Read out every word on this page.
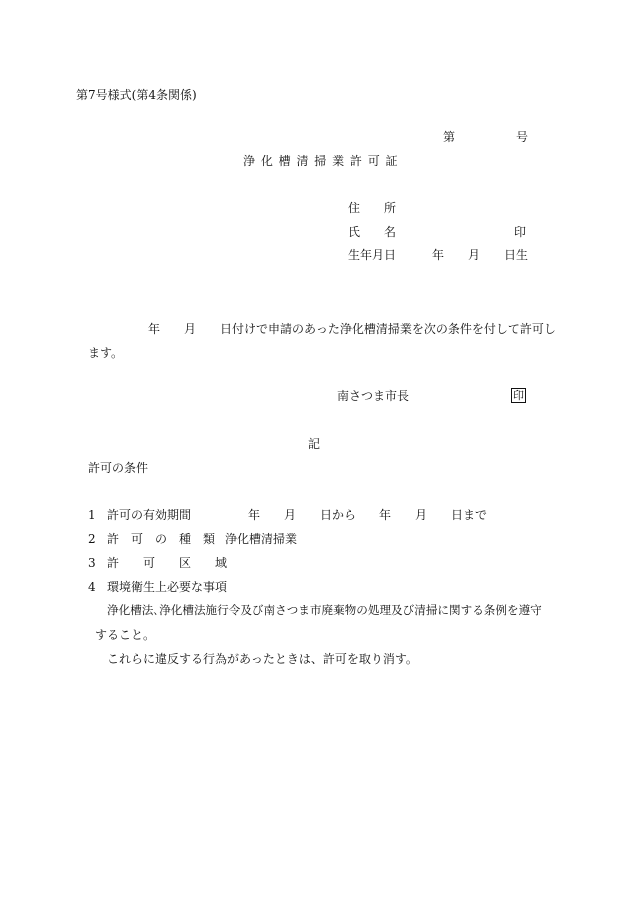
第7号様式(第4条関係)
第	号
浄 化 槽 清 掃 業 許 可 証
住　　所
氏　　名	印
生年月日	年 月 日生
年 月 日付けで申請のあった浄化槽清掃業を次の条件を付して許可し
ます。
南さつま市長	印
記
許可の条件
1 許可の有効期間	年 月 日から 年 月 日まで
2 許　可　の　種　類 浄化槽清掃業
3 許　　可　　区　　域
4 環境衛生上必要な事項
浄化槽法､浄化槽法施行令及び南さつま市廃棄物の処理及び清掃に関する条例を遵守
すること。
これらに違反する行為があったときは、許可を取り消す。
